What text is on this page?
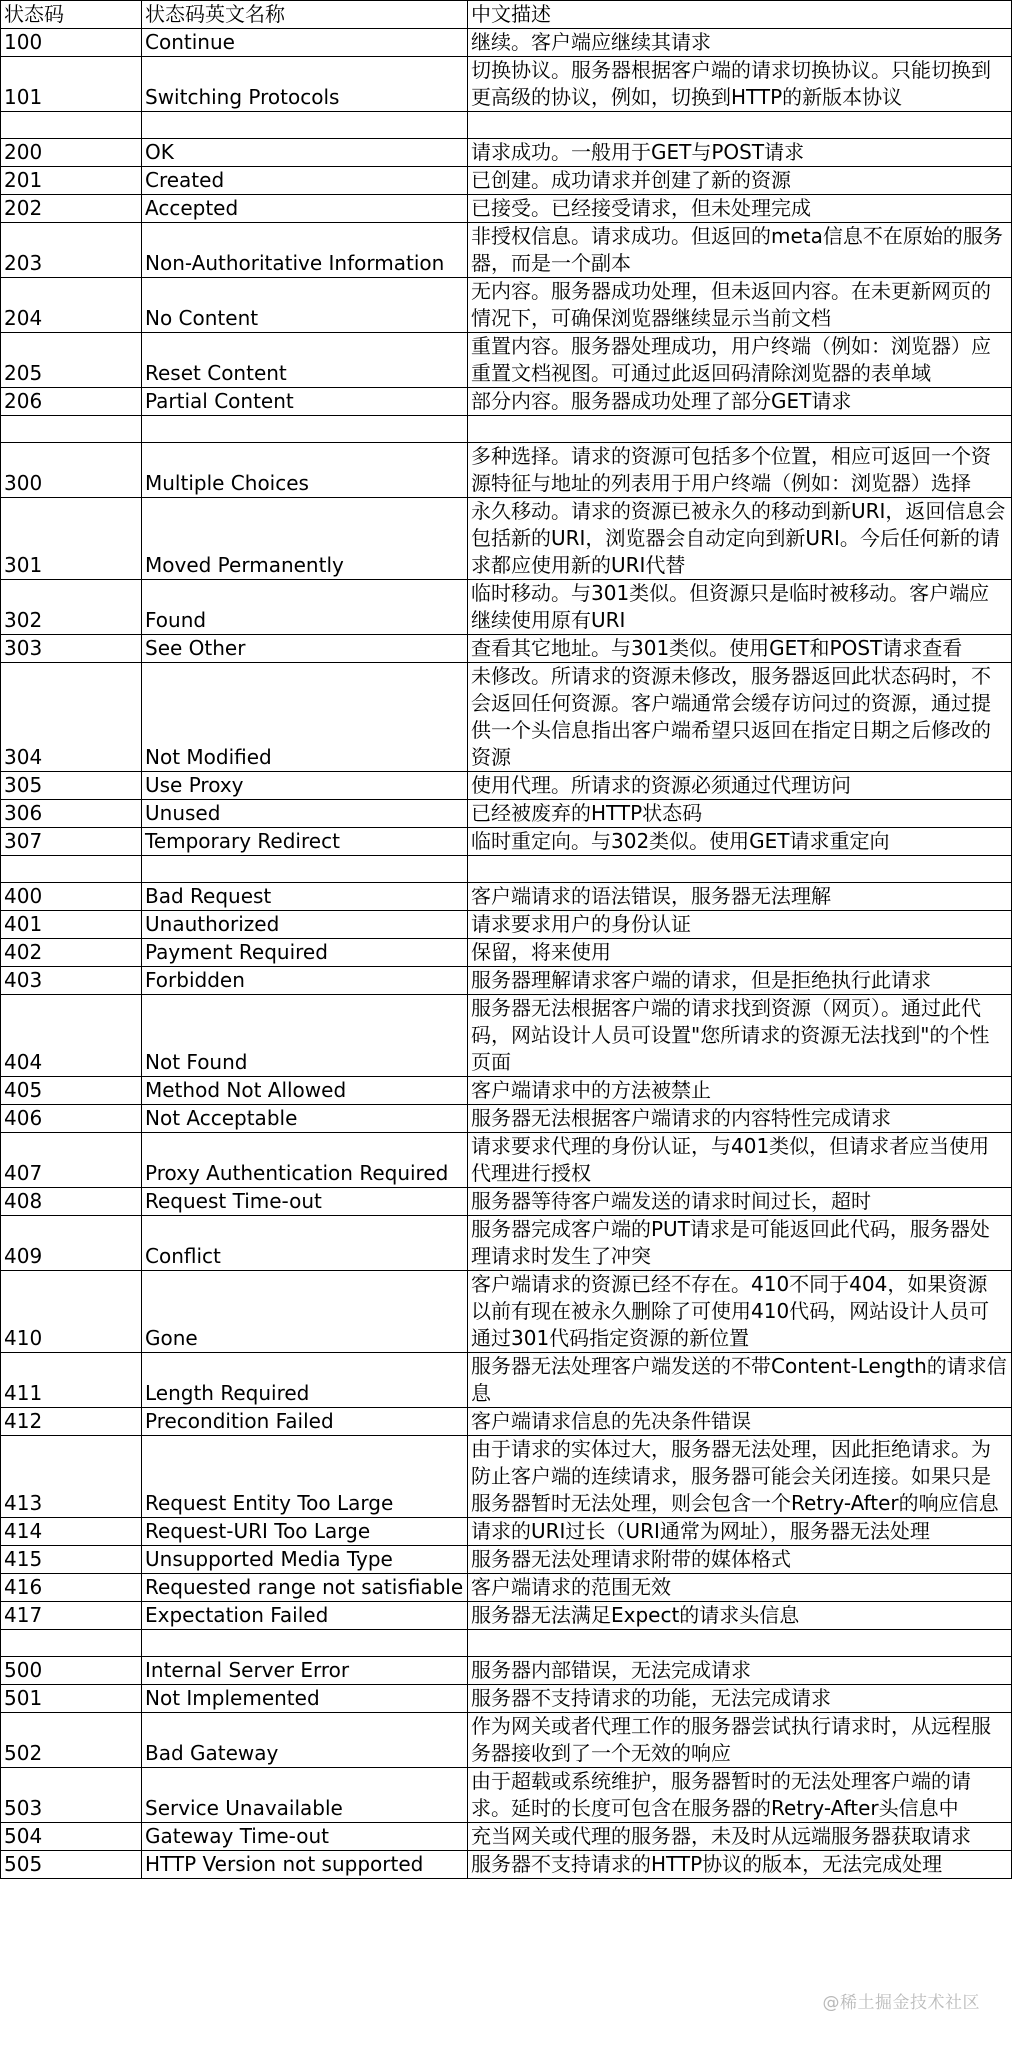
状态码	状态码英文名称	中文描述
100	Continue	继续。客户端应继续其请求
101	Switching Protocols	切换协议。服务器根据客户端的请求切换协议。只能切换到更高级的协议，例如，切换到HTTP的新版本协议

200	OK	请求成功。一般用于GET与POST请求
201	Created	已创建。成功请求并创建了新的资源
202	Accepted	已接受。已经接受请求，但未处理完成
203	Non-Authoritative Information	非授权信息。请求成功。但返回的meta信息不在原始的服务器，而是一个副本
204	No Content	无内容。服务器成功处理，但未返回内容。在未更新网页的情况下，可确保浏览器继续显示当前文档
205	Reset Content	重置内容。服务器处理成功，用户终端（例如：浏览器）应重置文档视图。可通过此返回码清除浏览器的表单域
206	Partial Content	部分内容。服务器成功处理了部分GET请求

300	Multiple Choices	多种选择。请求的资源可包括多个位置，相应可返回一个资源特征与地址的列表用于用户终端（例如：浏览器）选择
301	Moved Permanently	永久移动。请求的资源已被永久的移动到新URI，返回信息会包括新的URI，浏览器会自动定向到新URI。今后任何新的请求都应使用新的URI代替
302	Found	临时移动。与301类似。但资源只是临时被移动。客户端应继续使用原有URI
303	See Other	查看其它地址。与301类似。使用GET和POST请求查看
304	Not Modified	未修改。所请求的资源未修改，服务器返回此状态码时，不会返回任何资源。客户端通常会缓存访问过的资源，通过提供一个头信息指出客户端希望只返回在指定日期之后修改的资源
305	Use Proxy	使用代理。所请求的资源必须通过代理访问
306	Unused	已经被废弃的HTTP状态码
307	Temporary Redirect	临时重定向。与302类似。使用GET请求重定向

400	Bad Request	客户端请求的语法错误，服务器无法理解
401	Unauthorized	请求要求用户的身份认证
402	Payment Required	保留，将来使用
403	Forbidden	服务器理解请求客户端的请求，但是拒绝执行此请求
404	Not Found	服务器无法根据客户端的请求找到资源（网页）。通过此代码，网站设计人员可设置"您所请求的资源无法找到"的个性页面
405	Method Not Allowed	客户端请求中的方法被禁止
406	Not Acceptable	服务器无法根据客户端请求的内容特性完成请求
407	Proxy Authentication Required	请求要求代理的身份认证，与401类似，但请求者应当使用代理进行授权
408	Request Time-out	服务器等待客户端发送的请求时间过长，超时
409	Conflict	服务器完成客户端的PUT请求是可能返回此代码，服务器处理请求时发生了冲突
410	Gone	客户端请求的资源已经不存在。410不同于404，如果资源以前有现在被永久删除了可使用410代码，网站设计人员可通过301代码指定资源的新位置
411	Length Required	服务器无法处理客户端发送的不带Content-Length的请求信息
412	Precondition Failed	客户端请求信息的先决条件错误
413	Request Entity Too Large	由于请求的实体过大，服务器无法处理，因此拒绝请求。为防止客户端的连续请求，服务器可能会关闭连接。如果只是服务器暂时无法处理，则会包含一个Retry-After的响应信息
414	Request-URI Too Large	请求的URI过长（URI通常为网址），服务器无法处理
415	Unsupported Media Type	服务器无法处理请求附带的媒体格式
416	Requested range not satisfiable	客户端请求的范围无效
417	Expectation Failed	服务器无法满足Expect的请求头信息

500	Internal Server Error	服务器内部错误，无法完成请求
501	Not Implemented	服务器不支持请求的功能，无法完成请求
502	Bad Gateway	作为网关或者代理工作的服务器尝试执行请求时，从远程服务器接收到了一个无效的响应
503	Service Unavailable	由于超载或系统维护，服务器暂时的无法处理客户端的请求。延时的长度可包含在服务器的Retry-After头信息中
504	Gateway Time-out	充当网关或代理的服务器，未及时从远端服务器获取请求
505	HTTP Version not supported	服务器不支持请求的HTTP协议的版本，无法完成处理
@稀土掘金技术社区
